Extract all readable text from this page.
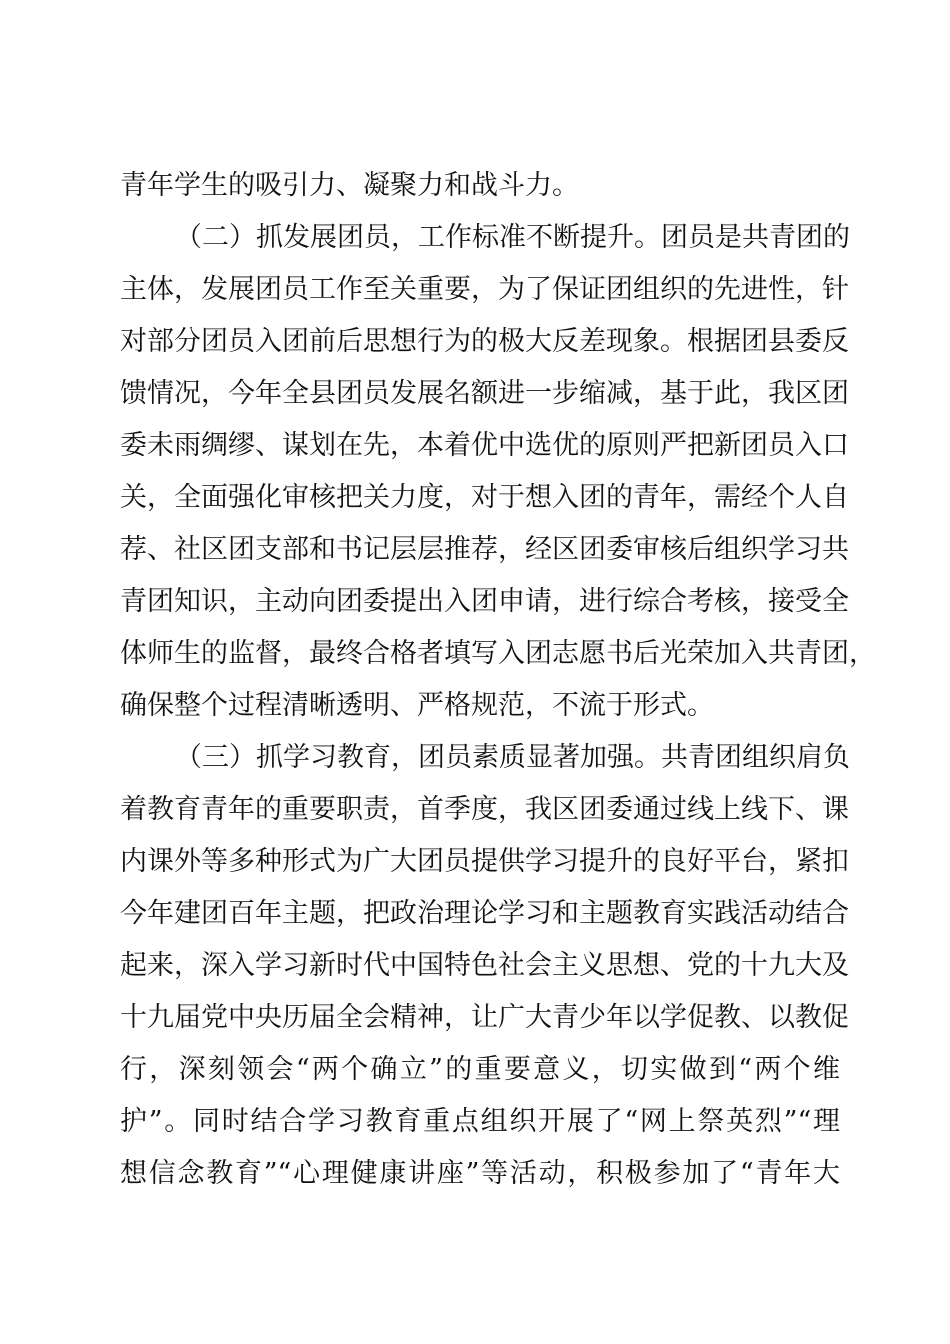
青年学生的吸引力、凝聚力和战斗力。
（二）抓发展团员，工作标准不断提升。团员是共青团的
主体，发展团员工作至关重要，为了保证团组织的先进性，针
对部分团员入团前后思想行为的极大反差现象。根据团县委反
馈情况，今年全县团员发展名额进一步缩减，基于此，我区团
委未雨绸缪、谋划在先，本着优中选优的原则严把新团员入口
关，全面强化审核把关力度，对于想入团的青年，需经个人自
荐、社区团支部和书记层层推荐，经区团委审核后组织学习共
青团知识，主动向团委提出入团申请，进行综合考核，接受全
体师生的监督，最终合格者填写入团志愿书后光荣加入共青团，
确保整个过程清晰透明、严格规范，不流于形式。
（三）抓学习教育，团员素质显著加强。共青团组织肩负
着教育青年的重要职责，首季度，我区团委通过线上线下、课
内课外等多种形式为广大团员提供学习提升的良好平台，紧扣
今年建团百年主题，把政治理论学习和主题教育实践活动结合
起来，深入学习新时代中国特色社会主义思想、党的十九大及
十九届党中央历届全会精神，让广大青少年以学促教、以教促
行，深刻领会“两个确立”的重要意义，切实做到“两个维
护”。同时结合学习教育重点组织开展了“网上祭英烈”“理
想信念教育”“心理健康讲座”等活动，积极参加了“青年大
